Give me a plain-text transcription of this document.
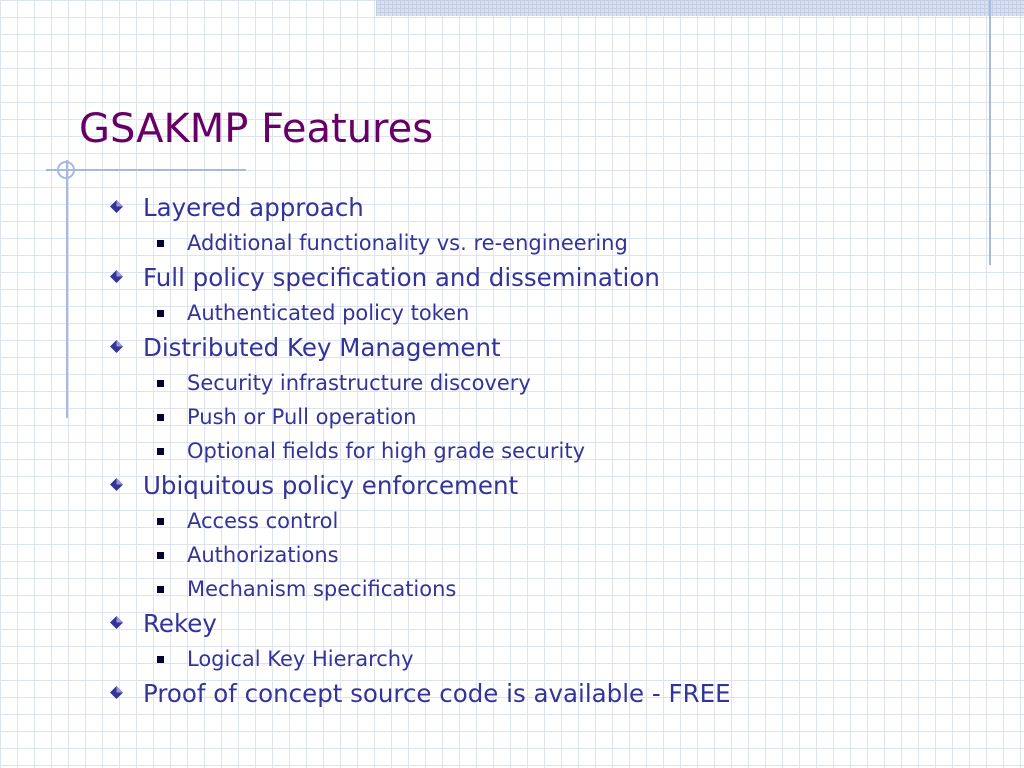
GSAKMP Features
Layered approach
Additional functionality vs. re-engineering
Full policy specification and dissemination
Authenticated policy token
Distributed Key Management
Security infrastructure discovery
Push or Pull operation
Optional fields for high grade security
Ubiquitous policy enforcement
Access control
Authorizations
Mechanism specifications
Rekey
Logical Key Hierarchy
Proof of concept source code is available - FREE
